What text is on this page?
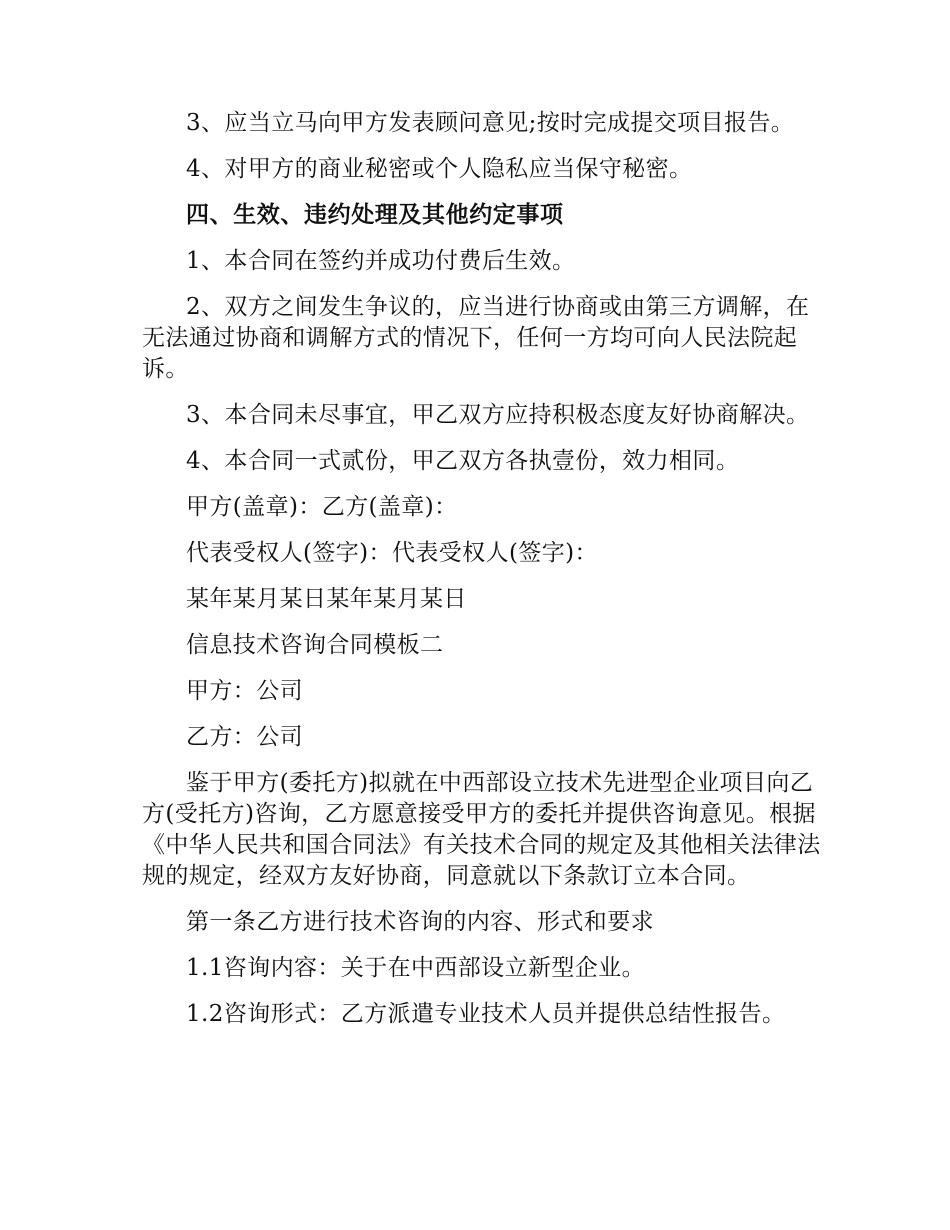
3、应当立马向甲方发表顾问意见;按时完成提交项目报告。

4、对甲方的商业秘密或个人隐私应当保守秘密。

四、生效、违约处理及其他约定事项

1、本合同在签约并成功付费后生效。

2、双方之间发生争议的，应当进行协商或由第三方调解，在无法通过协商和调解方式的情况下，任何一方均可向人民法院起诉。

3、本合同未尽事宜，甲乙双方应持积极态度友好协商解决。

4、本合同一式贰份，甲乙双方各执壹份，效力相同。

甲方(盖章)：乙方(盖章)：

代表受权人(签字)：代表受权人(签字)：

某年某月某日某年某月某日

信息技术咨询合同模板二

甲方：公司

乙方：公司

鉴于甲方(委托方)拟就在中西部设立技术先进型企业项目向乙方(受托方)咨询，乙方愿意接受甲方的委托并提供咨询意见。根据《中华人民共和国合同法》有关技术合同的规定及其他相关法律法规的规定，经双方友好协商，同意就以下条款订立本合同。

第一条乙方进行技术咨询的内容、形式和要求

1.1咨询内容：关于在中西部设立新型企业。

1.2咨询形式：乙方派遣专业技术人员并提供总结性报告。
